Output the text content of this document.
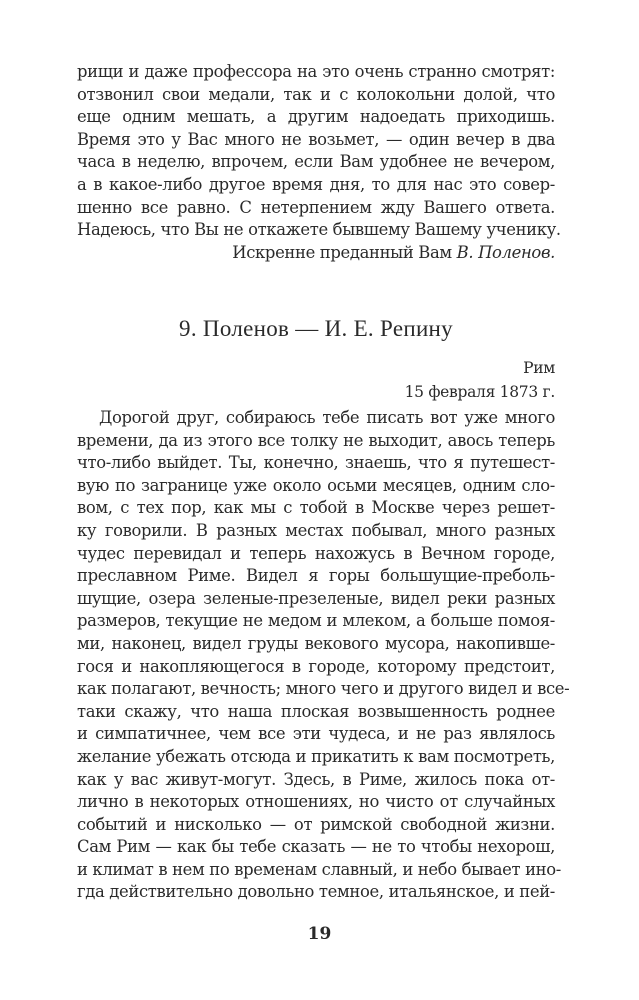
рищи и даже профессора на это очень странно смотрят:
отзвонил свои медали, так и с колокольни долой, что
еще одним мешать, а другим надоедать приходишь.
Время это у Вас много не возьмет, — один вечер в два
часа в неделю, впрочем, если Вам удобнее не вечером,
а в какое-либо другое время дня, то для нас это совер-
шенно все равно. С нетерпением жду Вашего ответа.
Надеюсь, что Вы не откажете бывшему Вашему ученику.
Искренне преданный Вам В. Поленов.
9. Поленов — И. Е. Репину
Рим
15 февраля 1873 г.
Дорогой друг, собираюсь тебе писать вот уже много
времени, да из этого все толку не выходит, авось теперь
что-либо выйдет. Ты, конечно, знаешь, что я путешест-
вую по загранице уже около осьми месяцев, одним сло-
вом, с тех пор, как мы с тобой в Москве через решет-
ку говорили. В разных местах побывал, много разных
чудес перевидал и теперь нахожусь в Вечном городе,
преславном Риме. Видел я горы большущие-преболь-
шущие, озера зеленые-презеленые, видел реки разных
размеров, текущие не медом и млеком, а больше помоя-
ми, наконец, видел груды векового мусора, накопивше-
гося и накопляющегося в городе, которому предстоит,
как полагают, вечность; много чего и другого видел и все-
таки скажу, что наша плоская возвышенность роднее
и симпатичнее, чем все эти чудеса, и не раз являлось
желание убежать отсюда и прикатить к вам посмотреть,
как у вас живут-могут. Здесь, в Риме, жилось пока от-
лично в некоторых отношениях, но чисто от случайных
событий и нисколько — от римской свободной жизни.
Сам Рим — как бы тебе сказать — не то чтобы нехорош,
и климат в нем по временам славный, и небо бывает ино-
гда действительно довольно темное, итальянское, и пей-
19
